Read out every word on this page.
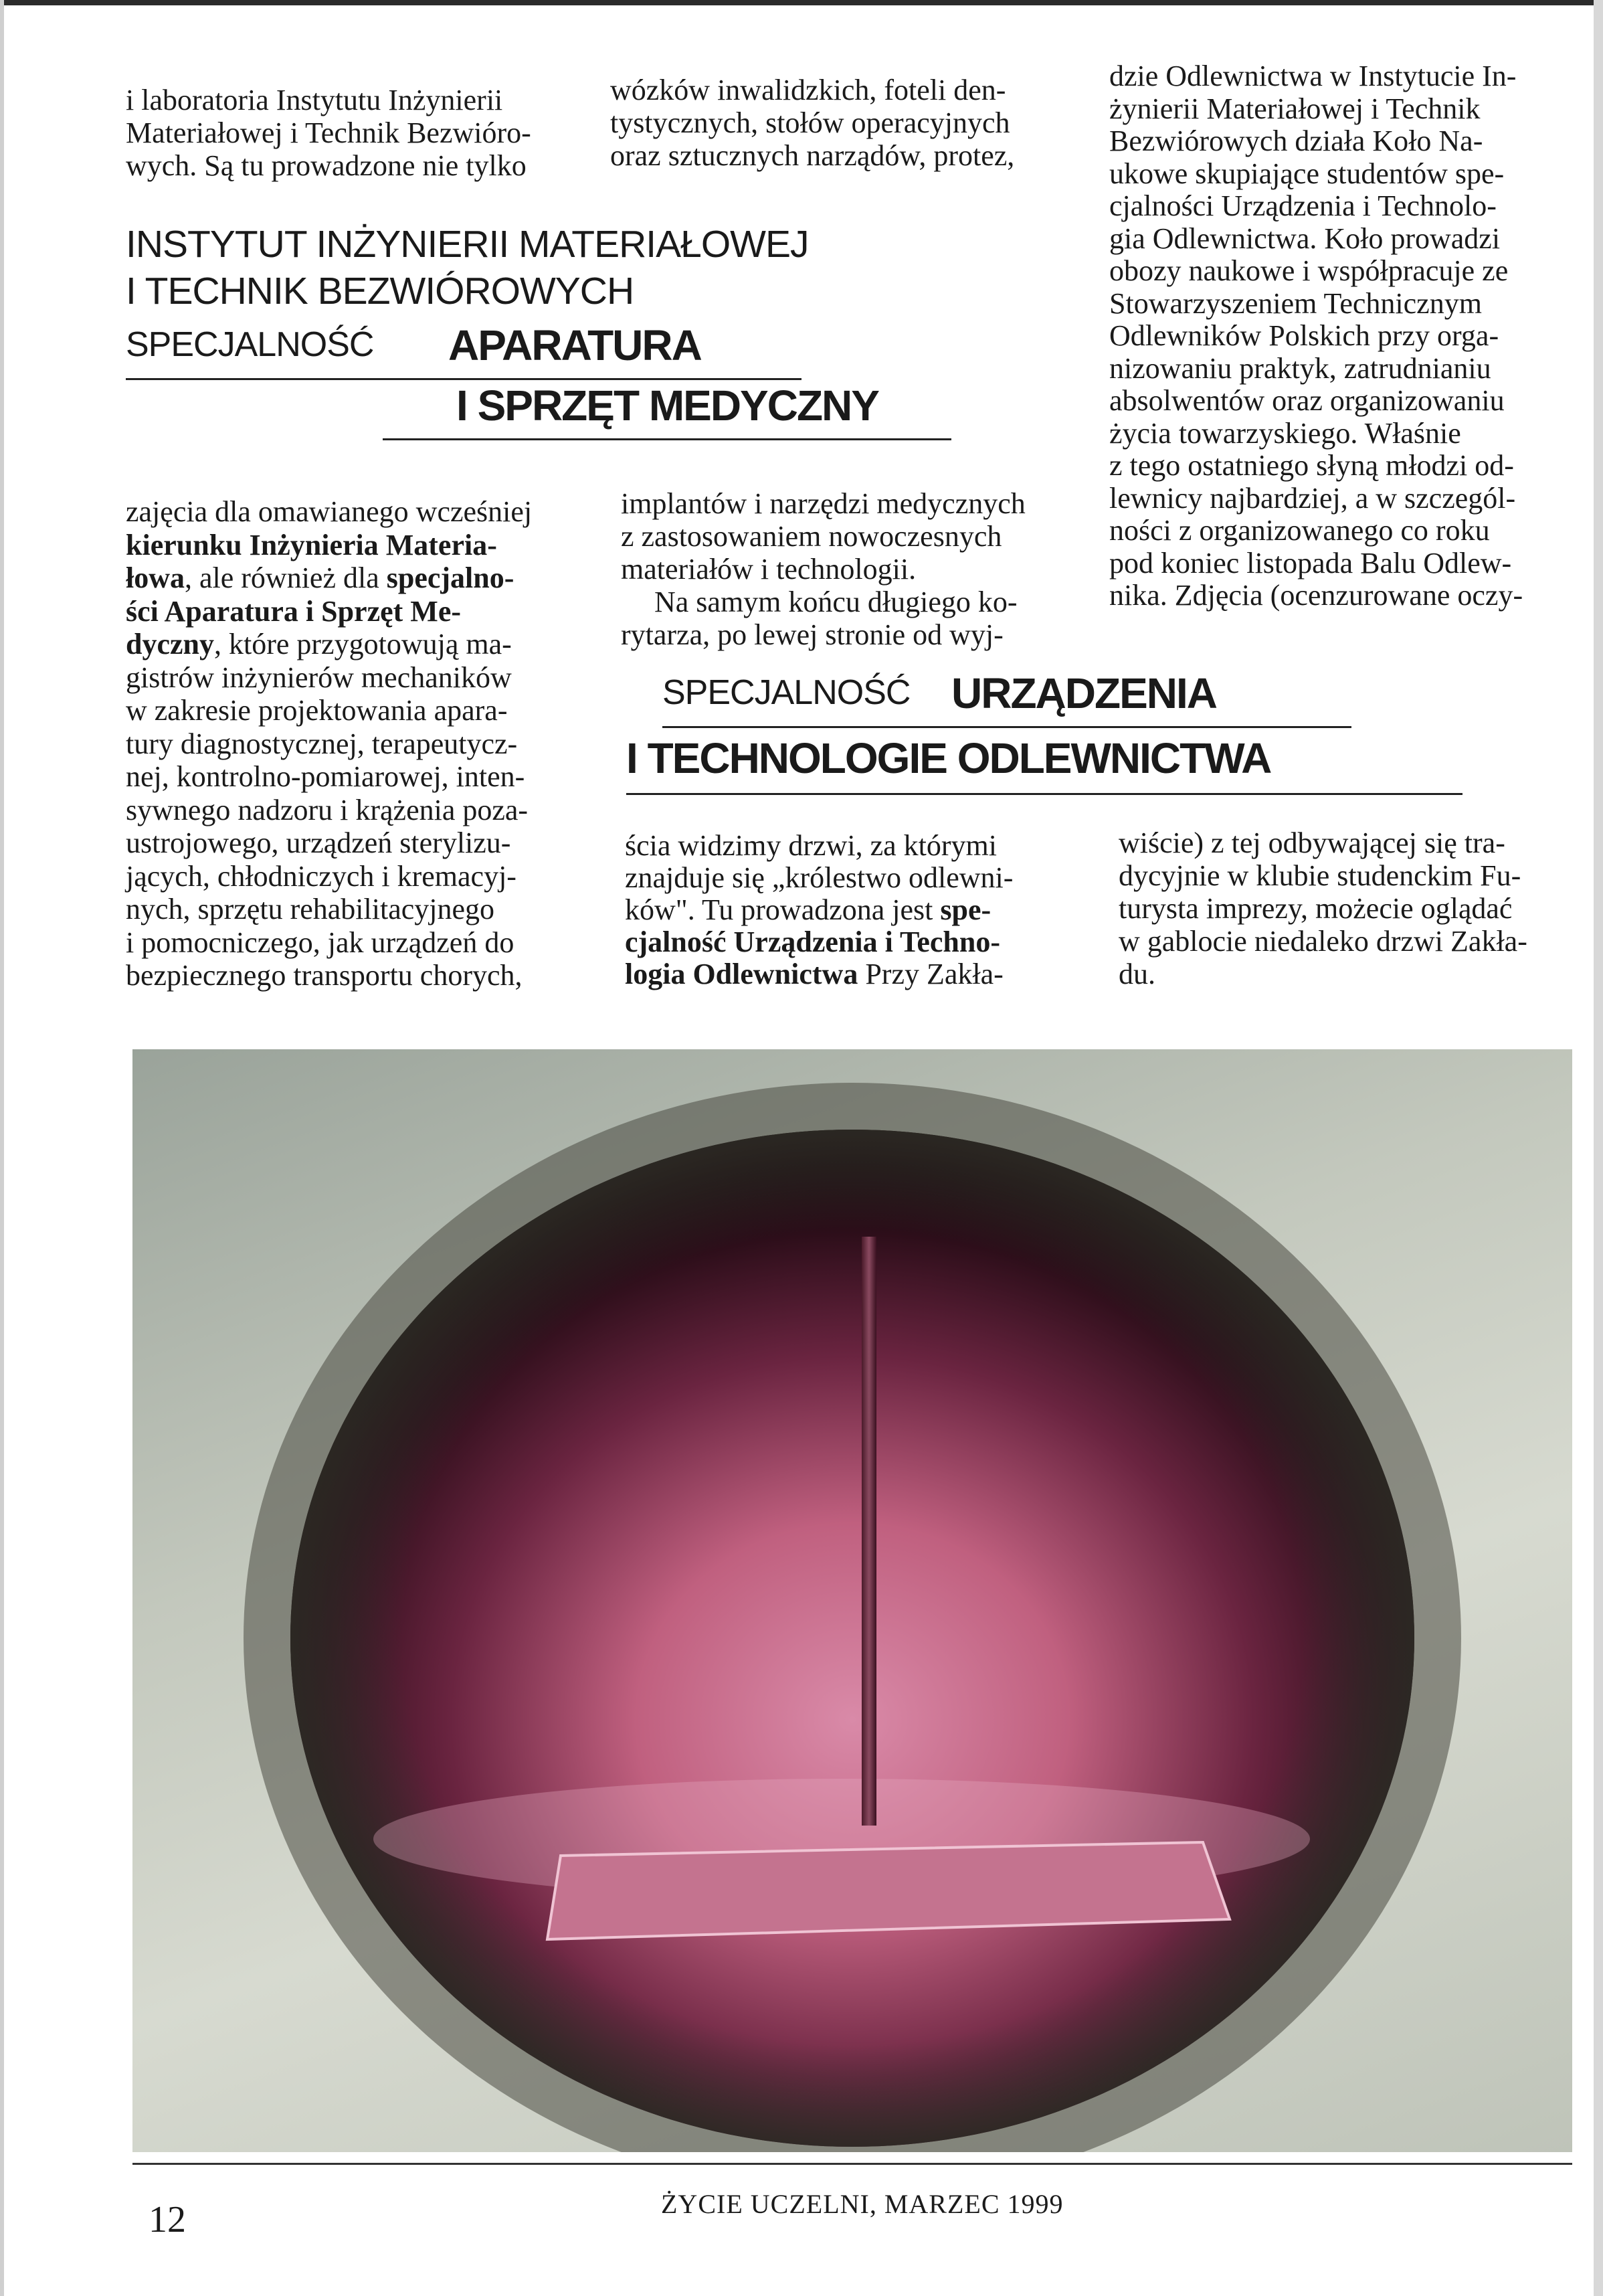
i laboratoria Instytutu Inżynierii
Materiałowej i Technik Bezwióro-
wych. Są tu prowadzone nie tylko
wózków inwalidzkich, foteli den-
tystycznych, stołów operacyjnych
oraz sztucznych narządów, protez,
dzie Odlewnictwa w Instytucie In-
żynierii Materiałowej i Technik
Bezwiórowych działa Koło Na-
ukowe skupiające studentów spe-
cjalności Urządzenia i Technolo-
gia Odlewnictwa. Koło prowadzi
obozy naukowe i współpracuje ze
Stowarzyszeniem Technicznym
Odlewników Polskich przy orga-
nizowaniu praktyk, zatrudnianiu
absolwentów oraz organizowaniu
życia towarzyskiego. Właśnie
z tego ostatniego słyną młodzi od-
lewnicy najbardziej, a w szczegól-
ności z organizowanego co roku
pod koniec listopada Balu Odlew-
nika. Zdjęcia (ocenzurowane oczy-
INSTYTUT INŻYNIERII MATERIAŁOWEJ
I TECHNIK BEZWIÓROWYCH
SPECJALNOŚĆ APARATURA
I SPRZĘT MEDYCZNY
zajęcia dla omawianego wcześniej
kierunku Inżynieria Materia-
łowa, ale również dla specjalno-
ści Aparatura i Sprzęt Me-
dyczny, które przygotowują ma-
gistrów inżynierów mechaników
w zakresie projektowania apara-
tury diagnostycznej, terapeutycz-
nej, kontrolno-pomiarowej, inten-
sywnego nadzoru i krążenia poza-
ustrojowego, urządzeń sterylizu-
jących, chłodniczych i kremacyj-
nych, sprzętu rehabilitacyjnego
i pomocniczego, jak urządzeń do
bezpiecznego transportu chorych,
implantów i narzędzi medycznych
z zastosowaniem nowoczesnych
materiałów i technologii.
Na samym końcu długiego ko-
rytarza, po lewej stronie od wyj-
SPECJALNOŚĆ URZĄDZENIA
I TECHNOLOGIE ODLEWNICTWA
ścia widzimy drzwi, za którymi
znajduje się „królestwo odlewni-
ków". Tu prowadzona jest spe-
cjalność Urządzenia i Techno-
logia Odlewnictwa Przy Zakła-
wiście) z tej odbywającej się tra-
dycyjnie w klubie studenckim Fu-
turysta imprezy, możecie oglądać
w gablocie niedaleko drzwi Zakła-
du.
12	ŻYCIE UCZELNI, MARZEC 1999
